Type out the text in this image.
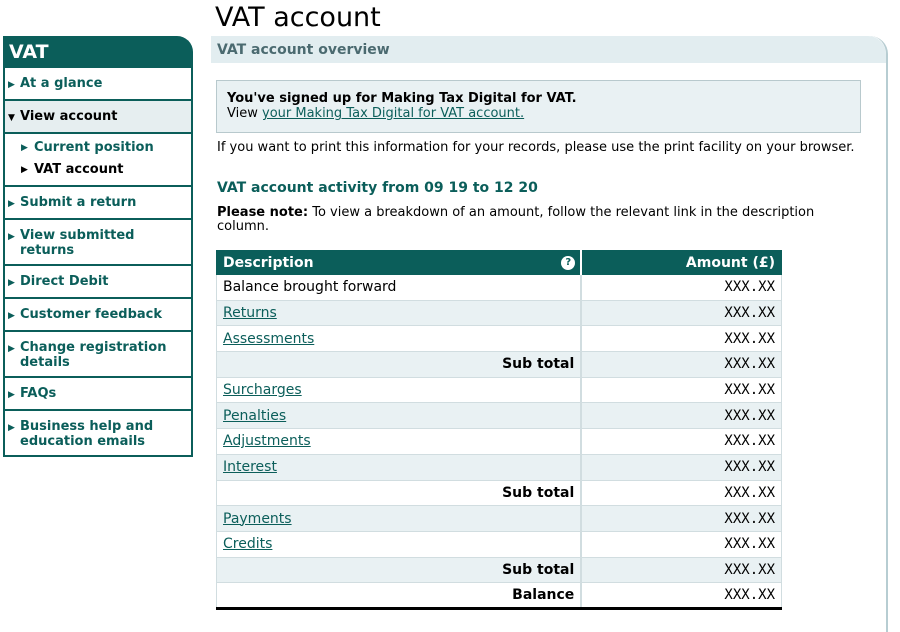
VAT
▶ At a glance
▼ View account
▶ Current position
▶ VAT account
▶ Submit a return
▶ View submitted returns
▶ Direct Debit
▶ Customer feedback
▶ Change registration details
▶ FAQs
▶ Business help and education emails
VAT account
VAT account overview
You've signed up for Making Tax Digital for VAT.
View your Making Tax Digital for VAT account.

If you want to print this information for your records, please use the print facility on your browser.

VAT account activity from 09 19 to 12 20

Please note: To view a breakdown of an amount, follow the relevant link in the description column.

Description ?	Amount (£)
Balance brought forward	XXX.XX
Returns	XXX.XX
Assessments	XXX.XX
Sub total	XXX.XX
Surcharges	XXX.XX
Penalties	XXX.XX
Adjustments	XXX.XX
Interest	XXX.XX
Sub total	XXX.XX
Payments	XXX.XX
Credits	XXX.XX
Sub total	XXX.XX
Balance	XXX.XX
